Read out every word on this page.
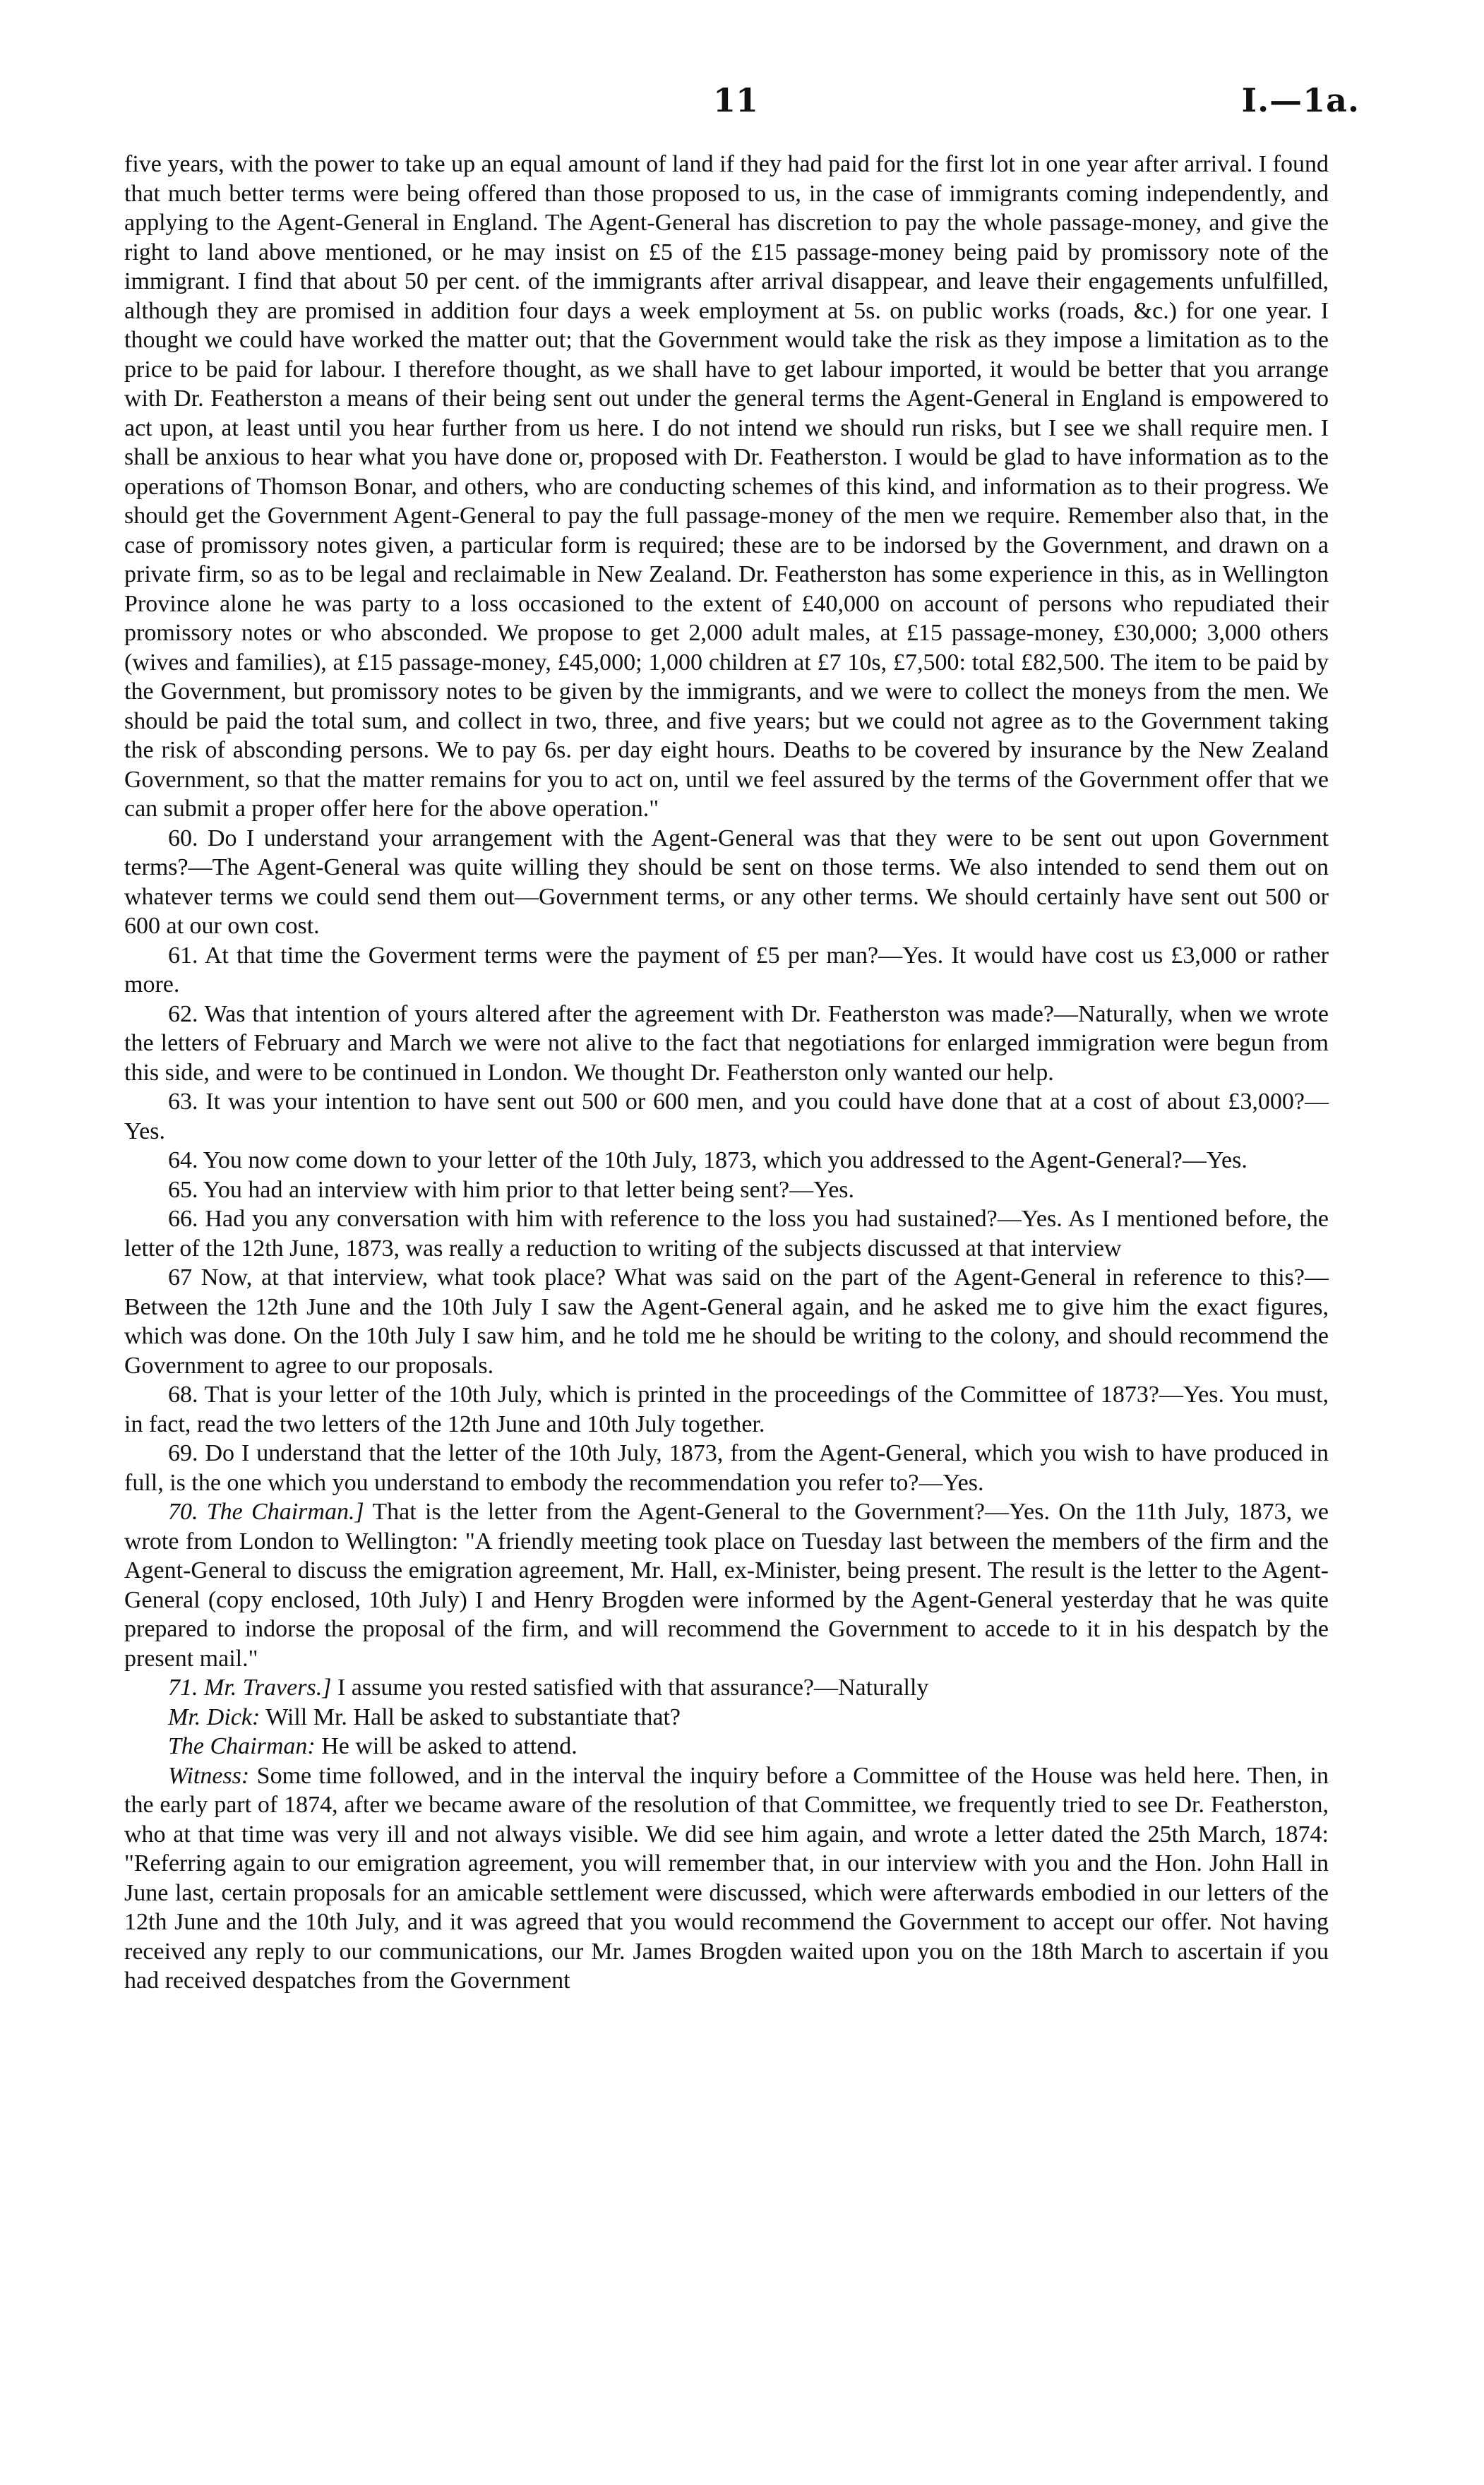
11	I.—1a.

five years, with the power to take up an equal amount of land if they had paid for the first lot in one year after arrival. I found that much better terms were being offered than those proposed to us, in the case of immigrants coming independently, and applying to the Agent-General in England. The Agent-General has discretion to pay the whole passage-money, and give the right to land above mentioned, or he may insist on £5 of the £15 passage-money being paid by promissory note of the immigrant. I find that about 50 per cent. of the immigrants after arrival disappear, and leave their engagements unfulfilled, although they are promised in addition four days a week employment at 5s. on public works (roads, &c.) for one year. I thought we could have worked the matter out; that the Government would take the risk as they impose a limitation as to the price to be paid for labour. I therefore thought, as we shall have to get labour imported, it would be better that you arrange with Dr. Featherston a means of their being sent out under the general terms the Agent-General in England is empowered to act upon, at least until you hear further from us here. I do not intend we should run risks, but I see we shall require men. I shall be anxious to hear what you have done or, proposed with Dr. Featherston. I would be glad to have information as to the operations of Thomson Bonar, and others, who are conducting schemes of this kind, and information as to their progress. We should get the Government Agent-General to pay the full passage-money of the men we require. Remember also that, in the case of promissory notes given, a particular form is required; these are to be indorsed by the Government, and drawn on a private firm, so as to be legal and reclaimable in New Zealand. Dr. Featherston has some experience in this, as in Wellington Province alone he was party to a loss occasioned to the extent of £40,000 on account of persons who repudiated their promissory notes or who absconded. We propose to get 2,000 adult males, at £15 passage-money, £30,000; 3,000 others (wives and families), at £15 passage-money, £45,000; 1,000 children at £7 10s, £7,500: total £82,500. The item to be paid by the Government, but promissory notes to be given by the immigrants, and we were to collect the moneys from the men. We should be paid the total sum, and collect in two, three, and five years; but we could not agree as to the Government taking the risk of absconding persons. We to pay 6s. per day eight hours. Deaths to be covered by insurance by the New Zealand Government, so that the matter remains for you to act on, until we feel assured by the terms of the Government offer that we can submit a proper offer here for the above operation."

60. Do I understand your arrangement with the Agent-General was that they were to be sent out upon Government terms?—The Agent-General was quite willing they should be sent on those terms. We also intended to send them out on whatever terms we could send them out—Government terms, or any other terms. We should certainly have sent out 500 or 600 at our own cost.

61. At that time the Goverment terms were the payment of £5 per man?—Yes. It would have cost us £3,000 or rather more.

62. Was that intention of yours altered after the agreement with Dr. Featherston was made?—Naturally, when we wrote the letters of February and March we were not alive to the fact that negotiations for enlarged immigration were begun from this side, and were to be continued in London. We thought Dr. Featherston only wanted our help.

63. It was your intention to have sent out 500 or 600 men, and you could have done that at a cost of about £3,000?—Yes.

64. You now come down to your letter of the 10th July, 1873, which you addressed to the Agent-General?—Yes.

65. You had an interview with him prior to that letter being sent?—Yes.

66. Had you any conversation with him with reference to the loss you had sustained?—Yes. As I mentioned before, the letter of the 12th June, 1873, was really a reduction to writing of the subjects discussed at that interview

67 Now, at that interview, what took place? What was said on the part of the Agent-General in reference to this?—Between the 12th June and the 10th July I saw the Agent-General again, and he asked me to give him the exact figures, which was done. On the 10th July I saw him, and he told me he should be writing to the colony, and should recommend the Government to agree to our proposals.

68. That is your letter of the 10th July, which is printed in the proceedings of the Committee of 1873?—Yes. You must, in fact, read the two letters of the 12th June and 10th July together.

69. Do I understand that the letter of the 10th July, 1873, from the Agent-General, which you wish to have produced in full, is the one which you understand to embody the recommendation you refer to?—Yes.

70. The Chairman.] That is the letter from the Agent-General to the Government?—Yes. On the 11th July, 1873, we wrote from London to Wellington: "A friendly meeting took place on Tuesday last between the members of the firm and the Agent-General to discuss the emigration agreement, Mr. Hall, ex-Minister, being present. The result is the letter to the Agent-General (copy enclosed, 10th July) I and Henry Brogden were informed by the Agent-General yesterday that he was quite prepared to indorse the proposal of the firm, and will recommend the Government to accede to it in his despatch by the present mail."

71. Mr. Travers.] I assume you rested satisfied with that assurance?—Naturally

Mr. Dick: Will Mr. Hall be asked to substantiate that?

The Chairman: He will be asked to attend.

Witness: Some time followed, and in the interval the inquiry before a Committee of the House was held here. Then, in the early part of 1874, after we became aware of the resolution of that Committee, we frequently tried to see Dr. Featherston, who at that time was very ill and not always visible. We did see him again, and wrote a letter dated the 25th March, 1874: "Referring again to our emigration agreement, you will remember that, in our interview with you and the Hon. John Hall in June last, certain proposals for an amicable settlement were discussed, which were afterwards embodied in our letters of the 12th June and the 10th July, and it was agreed that you would recommend the Government to accept our offer. Not having received any reply to our communications, our Mr. James Brogden waited upon you on the 18th March to ascertain if you had received despatches from the Government
